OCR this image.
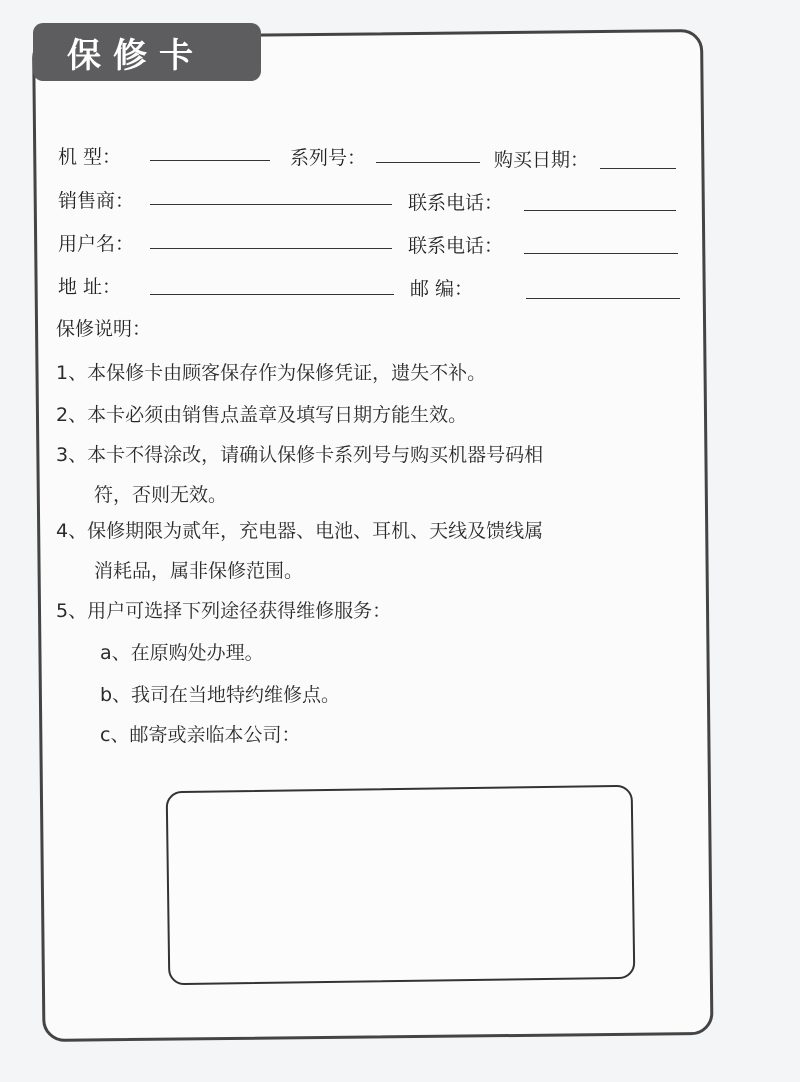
保修卡
机 型：	系列号：	购买日期：
销售商：	联系电话：
用户名：	联系电话：
地 址：	邮 编：
保修说明：
1、本保修卡由顾客保存作为保修凭证，遗失不补。
2、本卡必须由销售点盖章及填写日期方能生效。
3、本卡不得涂改，请确认保修卡系列号与购买机器号码相
符，否则无效。
4、保修期限为贰年，充电器、电池、耳机、天线及馈线属
消耗品，属非保修范围。
5、用户可选择下列途径获得维修服务：
a、在原购处办理。
b、我司在当地特约维修点。
c、邮寄或亲临本公司：
